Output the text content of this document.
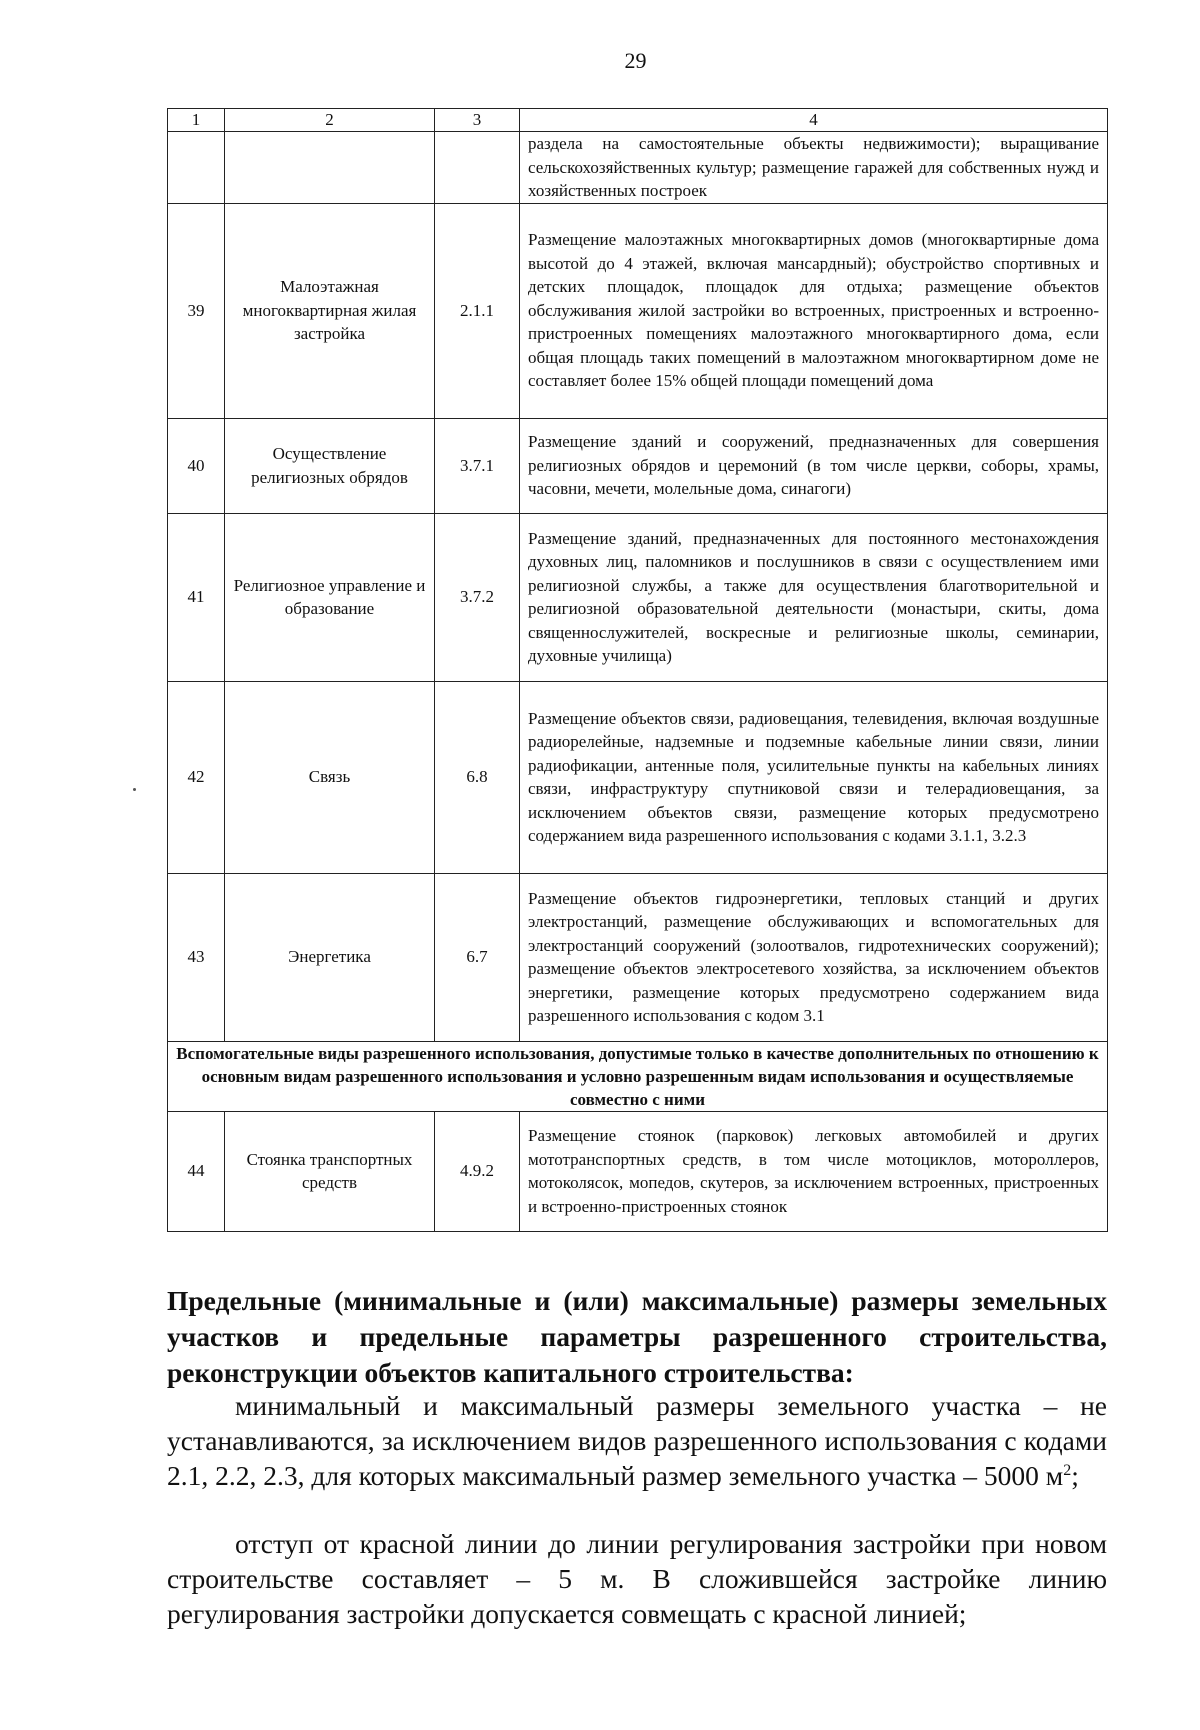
29
1	2	3	4
			раздела на самостоятельные объекты недвижимости); выращивание сельскохозяйственных культур; размещение гаражей для собственных нужд и хозяйственных построек
39	Малоэтажная многоквартирная жилая застройка	2.1.1	Размещение малоэтажных многоквартирных домов (многоквартирные дома высотой до 4 этажей, включая мансардный); обустройство спортивных и детских площадок, площадок для отдыха; размещение объектов обслуживания жилой застройки во встроенных, пристроенных и встроенно-пристроенных помещениях малоэтажного многоквартирного дома, если общая площадь таких помещений в малоэтажном многоквартирном доме не составляет более 15% общей площади помещений дома
40	Осуществление религиозных обрядов	3.7.1	Размещение зданий и сооружений, предназначенных для совершения религиозных обрядов и церемоний (в том числе церкви, соборы, храмы, часовни, мечети, молельные дома, синагоги)
41	Религиозное управление и образование	3.7.2	Размещение зданий, предназначенных для постоянного местонахождения духовных лиц, паломников и послушников в связи с осуществлением ими религиозной службы, а также для осуществления благотворительной и религиозной образовательной деятельности (монастыри, скиты, дома священнослужителей, воскресные и религиозные школы, семинарии, духовные училища)
42	Связь	6.8	Размещение объектов связи, радиовещания, телевидения, включая воздушные радиорелейные, надземные и подземные кабельные линии связи, линии радиофикации, антенные поля, усилительные пункты на кабельных линиях связи, инфраструктуру спутниковой связи и телерадиовещания, за исключением объектов связи, размещение которых предусмотрено содержанием вида разрешенного использования с кодами 3.1.1, 3.2.3
43	Энергетика	6.7	Размещение объектов гидроэнергетики, тепловых станций и других электростанций, размещение обслуживающих и вспомогательных для электростанций сооружений (золоотвалов, гидротехнических сооружений); размещение объектов электросетевого хозяйства, за исключением объектов энергетики, размещение которых предусмотрено содержанием вида разрешенного использования с кодом 3.1
Вспомогательные виды разрешенного использования, допустимые только в качестве дополнительных по отношению к основным видам разрешенного использования и условно разрешенным видам использования и осуществляемые совместно с ними			
44	Стоянка транспортных средств	4.9.2	Размещение стоянок (парковок) легковых автомобилей и других мототранспортных средств, в том числе мотоциклов, мотороллеров, мотоколясок, мопедов, скутеров, за исключением встроенных, пристроенных и встроенно-пристроенных стоянок
Предельные (минимальные и (или) максимальные) размеры земельных участков и предельные параметры разрешенного строительства, реконструкции объектов капитального строительства:
минимальный и максимальный размеры земельного участка – не устанавливаются, за исключением видов разрешенного использования с кодами 2.1, 2.2, 2.3, для которых максимальный размер земельного участка – 5000 $м^2$;
отступ от красной линии до линии регулирования застройки при новом строительстве составляет – 5 м. В сложившейся застройке линию регулирования застройки допускается совмещать с красной линией;
